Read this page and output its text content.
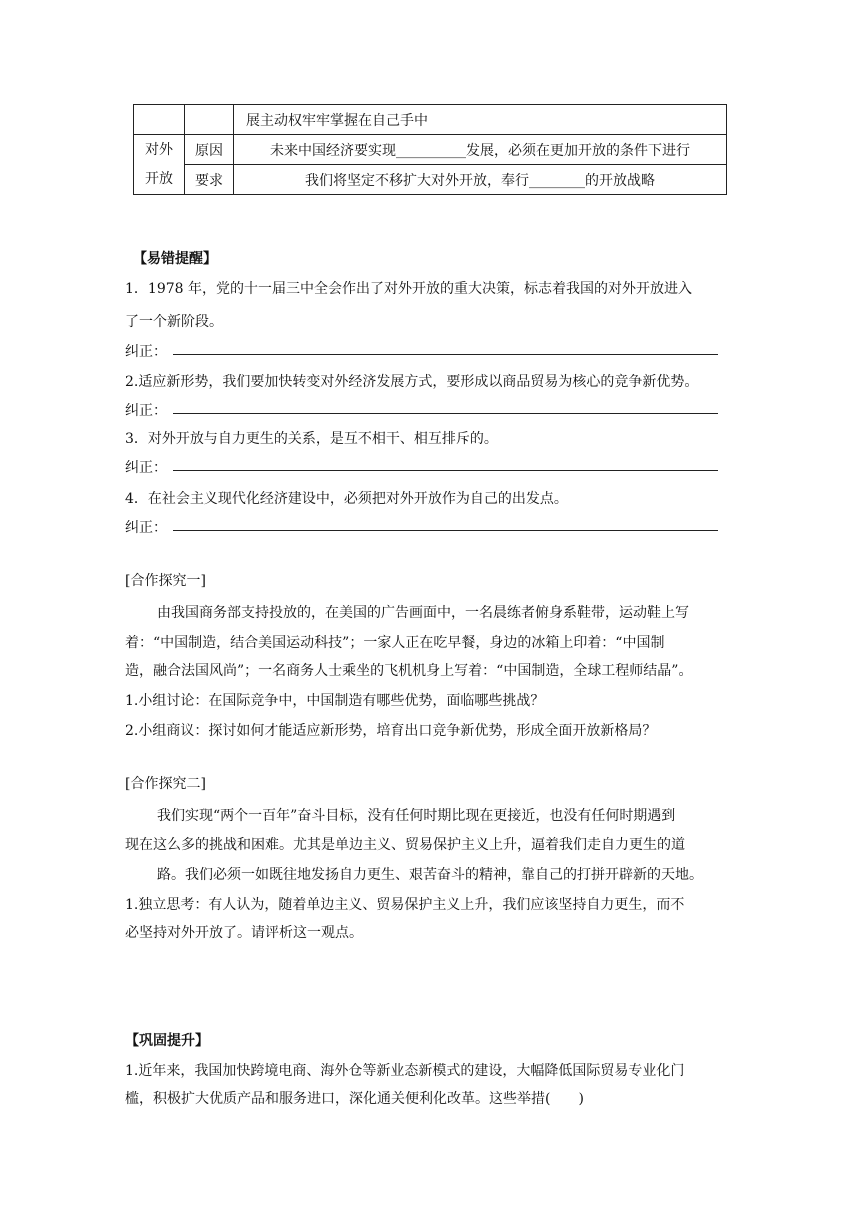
		展主动权牢牢掌握在自己手中

对外
开放	原因	未来中国经济要实现__________发展，必须在更加开放的条件下进行
	要求	我们将坚定不移扩大对外开放，奉行________的开放战略
【易错提醒】
1．1978 年，党的十一届三中全会作出了对外开放的重大决策，标志着我国的对外开放进入
了一个新阶段。
纠正：
2.适应新形势，我们要加快转变对外经济发展方式，要形成以商品贸易为核心的竞争新优势。
纠正：
3．对外开放与自力更生的关系，是互不相干、相互排斥的。
纠正：
4．在社会主义现代化经济建设中，必须把对外开放作为自己的出发点。
纠正：
[合作探究一]
由我国商务部支持投放的，在美国的广告画面中，一名晨练者俯身系鞋带，运动鞋上写
着：“中国制造，结合美国运动科技”；一家人正在吃早餐，身边的冰箱上印着：“中国制
造，融合法国风尚”；一名商务人士乘坐的飞机机身上写着：“中国制造，全球工程师结晶”。
1.小组讨论：在国际竞争中，中国制造有哪些优势，面临哪些挑战？
2.小组商议：探讨如何才能适应新形势，培育出口竞争新优势，形成全面开放新格局？
[合作探究二]
我们实现“两个一百年”奋斗目标，没有任何时期比现在更接近，也没有任何时期遇到
现在这么多的挑战和困难。尤其是单边主义、贸易保护主义上升，逼着我们走自力更生的道
路。我们必须一如既往地发扬自力更生、艰苦奋斗的精神，靠自己的打拼开辟新的天地。
1.独立思考：有人认为，随着单边主义、贸易保护主义上升，我们应该坚持自力更生，而不
必坚持对外开放了。请评析这一观点。
【巩固提升】
1.近年来，我国加快跨境电商、海外仓等新业态新模式的建设，大幅降低国际贸易专业化门
槛，积极扩大优质产品和服务进口，深化通关便利化改革。这些举措(　　)
